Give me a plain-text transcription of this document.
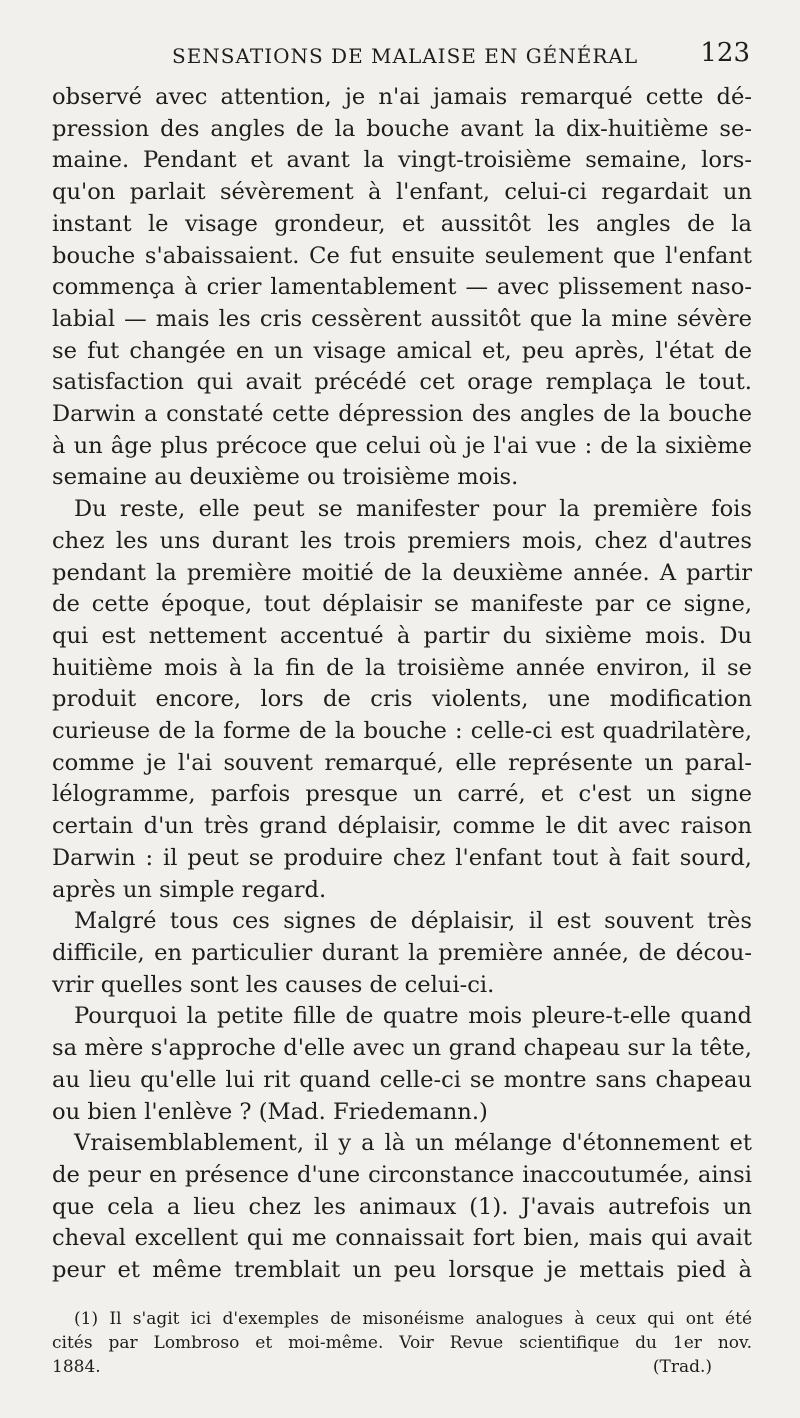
SENSATIONS DE MALAISE EN GÉNÉRAL 123

observé avec attention, je n'ai jamais remarqué cette dé-
pression des angles de la bouche avant la dix-huitième se-
maine. Pendant et avant la vingt-troisième semaine, lors-
qu'on parlait sévèrement à l'enfant, celui-ci regardait un
instant le visage grondeur, et aussitôt les angles de la
bouche s'abaissaient. Ce fut ensuite seulement que l'enfant
commença à crier lamentablement — avec plissement naso-
labial — mais les cris cessèrent aussitôt que la mine sévère
se fut changée en un visage amical et, peu après, l'état de
satisfaction qui avait précédé cet orage remplaça le tout.
Darwin a constaté cette dépression des angles de la bouche
à un âge plus précoce que celui où je l'ai vue : de la sixième
semaine au deuxième ou troisième mois.

Du reste, elle peut se manifester pour la première fois
chez les uns durant les trois premiers mois, chez d'autres
pendant la première moitié de la deuxième année. A partir
de cette époque, tout déplaisir se manifeste par ce signe,
qui est nettement accentué à partir du sixième mois. Du
huitième mois à la fin de la troisième année environ, il se
produit encore, lors de cris violents, une modification
curieuse de la forme de la bouche : celle-ci est quadrilatère,
comme je l'ai souvent remarqué, elle représente un paral-
lélogramme, parfois presque un carré, et c'est un signe
certain d'un très grand déplaisir, comme le dit avec raison
Darwin : il peut se produire chez l'enfant tout à fait sourd,
après un simple regard.

Malgré tous ces signes de déplaisir, il est souvent très
difficile, en particulier durant la première année, de décou-
vrir quelles sont les causes de celui-ci.

Pourquoi la petite fille de quatre mois pleure-t-elle quand
sa mère s'approche d'elle avec un grand chapeau sur la tête,
au lieu qu'elle lui rit quand celle-ci se montre sans chapeau
ou bien l'enlève ? (Mad. Friedemann.)

Vraisemblablement, il y a là un mélange d'étonnement et
de peur en présence d'une circonstance inaccoutumée, ainsi
que cela a lieu chez les animaux (1). J'avais autrefois un
cheval excellent qui me connaissait fort bien, mais qui avait
peur et même tremblait un peu lorsque je mettais pied à

(1) Il s'agit ici d'exemples de misonéisme analogues à ceux qui ont été
cités par Lombroso et moi-même. Voir Revue scientifique du 1er nov.
1884.	(Trad.)
